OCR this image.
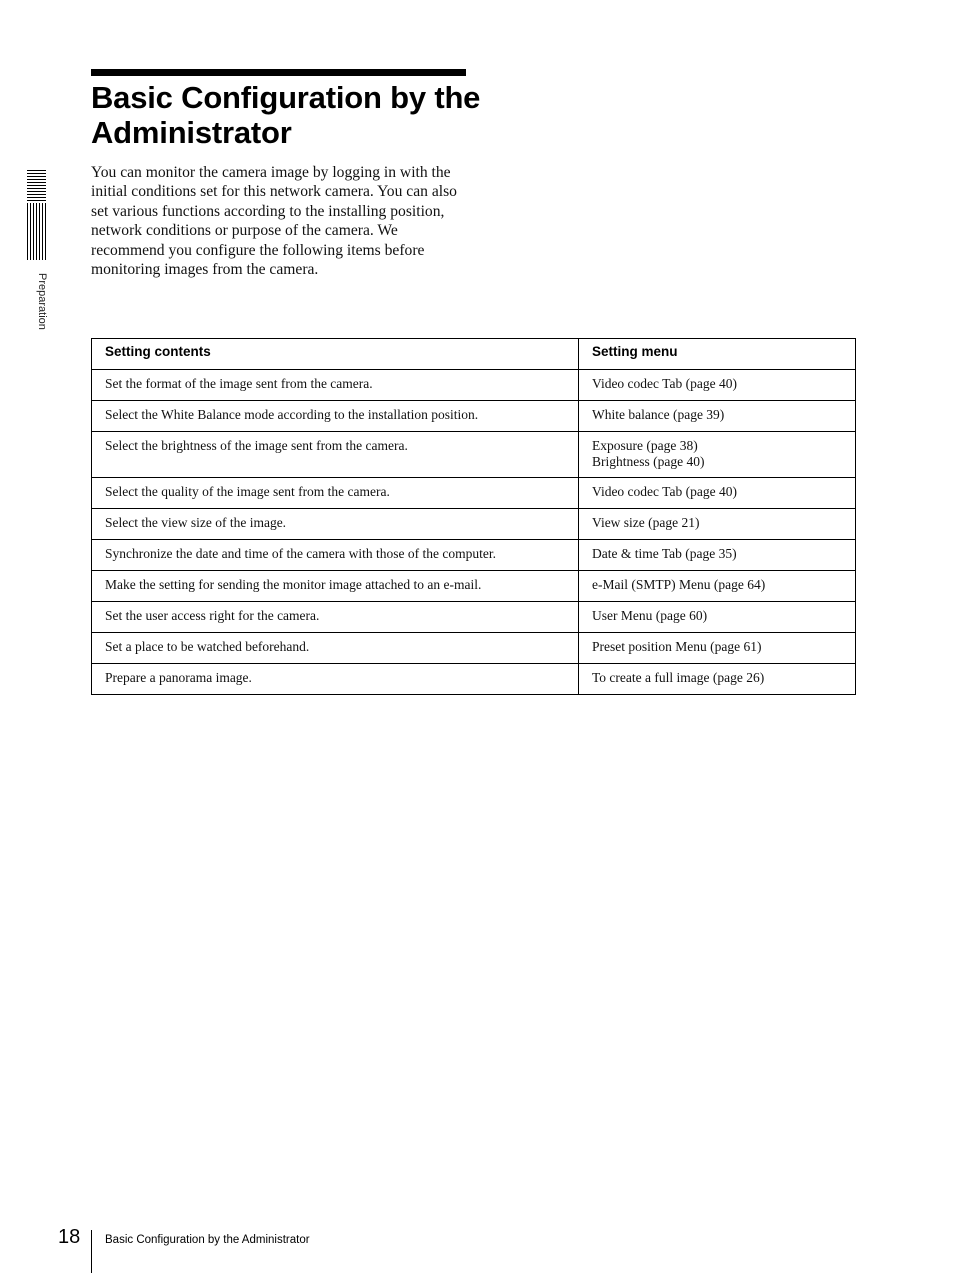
Basic Configuration by the Administrator

You can monitor the camera image by logging in with the initial conditions set for this network camera. You can also set various functions according to the installing position, network conditions or purpose of the camera. We recommend you configure the following items before monitoring images from the camera.

Preparation

Setting contents	Setting menu
Set the format of the image sent from the camera.	Video codec Tab (page 40)

Select the White Balance mode according to the installation position.	White balance (page 39)

Select the brightness of the image sent from the camera.	Exposure (page 38)
Brightness (page 40)

Select the quality of the image sent from the camera.	Video codec Tab (page 40)

Select the view size of the image.	View size (page 21)

Synchronize the date and time of the camera with those of the computer.	Date & time Tab (page 35)

Make the setting for sending the monitor image attached to an e-mail.	e-Mail (SMTP) Menu (page 64)

Set the user access right for the camera.	User Menu (page 60)

Set a place to be watched beforehand.	Preset position Menu (page 61)

Prepare a panorama image.	To create a full image (page 26)

18 Basic Configuration by the Administrator
